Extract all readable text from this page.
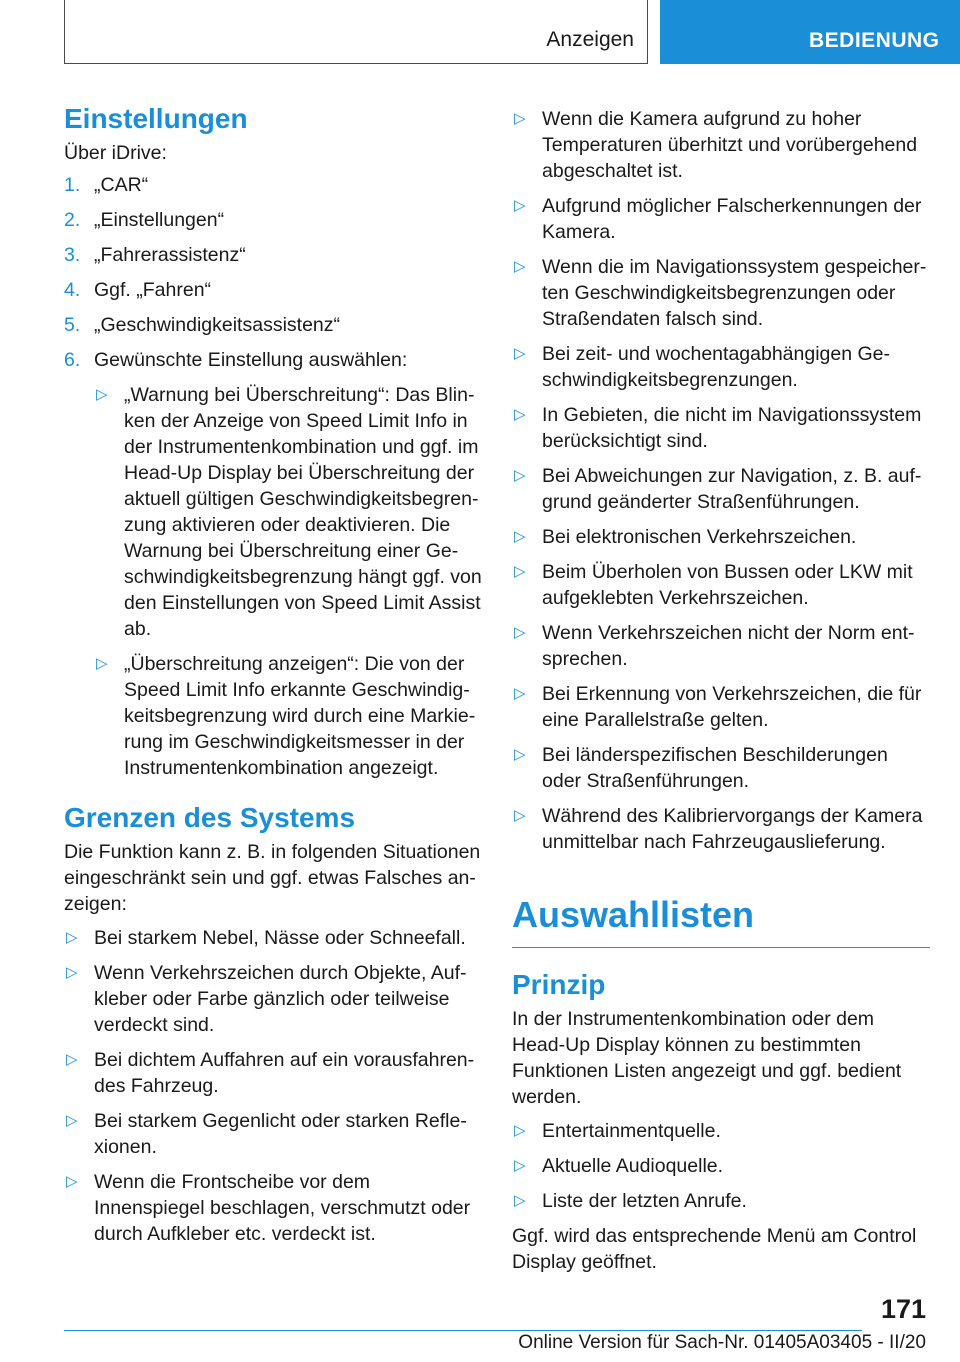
Anzeigen	BEDIENUNG
Einstellungen

Über iDrive:

1. „CAR“
2. „Einstellungen“
3. „Fahrerassistenz“
4. Ggf. „Fahren“
5. „Geschwindigkeitsassistenz“
6. Gewünschte Einstellung auswählen:
▷ „Warnung bei Überschreitung“: Das Blinken der Anzeige von Speed Limit Info in der Instrumentenkombination und ggf. im Head-Up Display bei Überschreitung der aktuell gültigen Geschwindigkeitsbegrenzung aktivieren oder deaktivieren. Die Warnung bei Überschreitung einer Geschwindigkeitsbegrenzung hängt ggf. von den Einstellungen von Speed Limit Assist ab.
▷ „Überschreitung anzeigen“: Die von der Speed Limit Info erkannte Geschwindigkeitsbegrenzung wird durch eine Markierung im Geschwindigkeitsmesser in der Instrumentenkombination angezeigt.
Grenzen des Systems

Die Funktion kann z. B. in folgenden Situationen eingeschränkt sein und ggf. etwas Falsches anzeigen:

▷ Bei starkem Nebel, Nässe oder Schneefall.
▷ Wenn Verkehrszeichen durch Objekte, Aufkleber oder Farbe gänzlich oder teilweise verdeckt sind.
▷ Bei dichtem Auffahren auf ein vorausfahrendes Fahrzeug.
▷ Bei starkem Gegenlicht oder starken Reflexionen.
▷ Wenn die Frontscheibe vor dem Innenspiegel beschlagen, verschmutzt oder durch Aufkleber etc. verdeckt ist.
▷ Wenn die Kamera aufgrund zu hoher Temperaturen überhitzt und vorübergehend abgeschaltet ist.
▷ Aufgrund möglicher Falscherkennungen der Kamera.
▷ Wenn die im Navigationssystem gespeicherten Geschwindigkeitsbegrenzungen oder Straßendaten falsch sind.
▷ Bei zeit- und wochentagabhängigen Geschwindigkeitsbegrenzungen.
▷ In Gebieten, die nicht im Navigationssystem berücksichtigt sind.
▷ Bei Abweichungen zur Navigation, z. B. aufgrund geänderter Straßenführungen.
▷ Bei elektronischen Verkehrszeichen.
▷ Beim Überholen von Bussen oder LKW mit aufgeklebten Verkehrszeichen.
▷ Wenn Verkehrszeichen nicht der Norm entsprechen.
▷ Bei Erkennung von Verkehrszeichen, die für eine Parallelstraße gelten.
▷ Bei länderspezifischen Beschilderungen oder Straßenführungen.
▷ Während des Kalibriervorgangs der Kamera unmittelbar nach Fahrzeugauslieferung.
Auswahllisten
Prinzip

In der Instrumentenkombination oder dem Head-Up Display können zu bestimmten Funktionen Listen angezeigt und ggf. bedient werden.

▷ Entertainmentquelle.
▷ Aktuelle Audioquelle.
▷ Liste der letzten Anrufe.

Ggf. wird das entsprechende Menü am Control Display geöffnet.

171
Online Version für Sach-Nr. 01405A03405 - II/20
